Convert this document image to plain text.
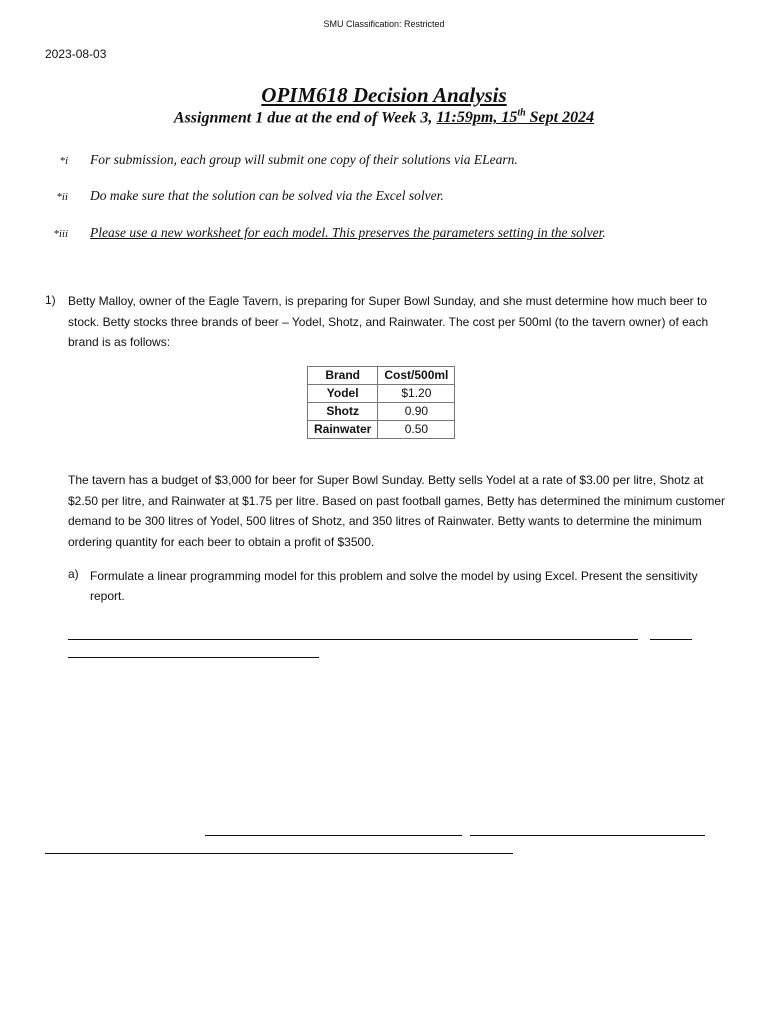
SMU Classification: Restricted
2023-08-03
OPIM618 Decision Analysis
Assignment 1 due at the end of Week 3, 11:59pm, 15th Sept 2024
*i For submission, each group will submit one copy of their solutions via ELearn.
*ii Do make sure that the solution can be solved via the Excel solver.
*iii Please use a new worksheet for each model. This preserves the parameters setting in the solver.
1) Betty Malloy, owner of the Eagle Tavern, is preparing for Super Bowl Sunday, and she must determine how much beer to stock. Betty stocks three brands of beer – Yodel, Shotz, and Rainwater. The cost per 500ml (to the tavern owner) of each brand is as follows:
Brand	Cost/500ml
Yodel	$1.20
Shotz	0.90
Rainwater	0.50
The tavern has a budget of $3,000 for beer for Super Bowl Sunday. Betty sells Yodel at a rate of $3.00 per litre, Shotz at $2.50 per litre, and Rainwater at $1.75 per litre. Based on past football games, Betty has determined the minimum customer demand to be 300 litres of Yodel, 500 litres of Shotz, and 350 litres of Rainwater. Betty wants to determine the minimum ordering quantity for each beer to obtain a profit of $3500.
a) Formulate a linear programming model for this problem and solve the model by using Excel. Present the sensitivity report.
